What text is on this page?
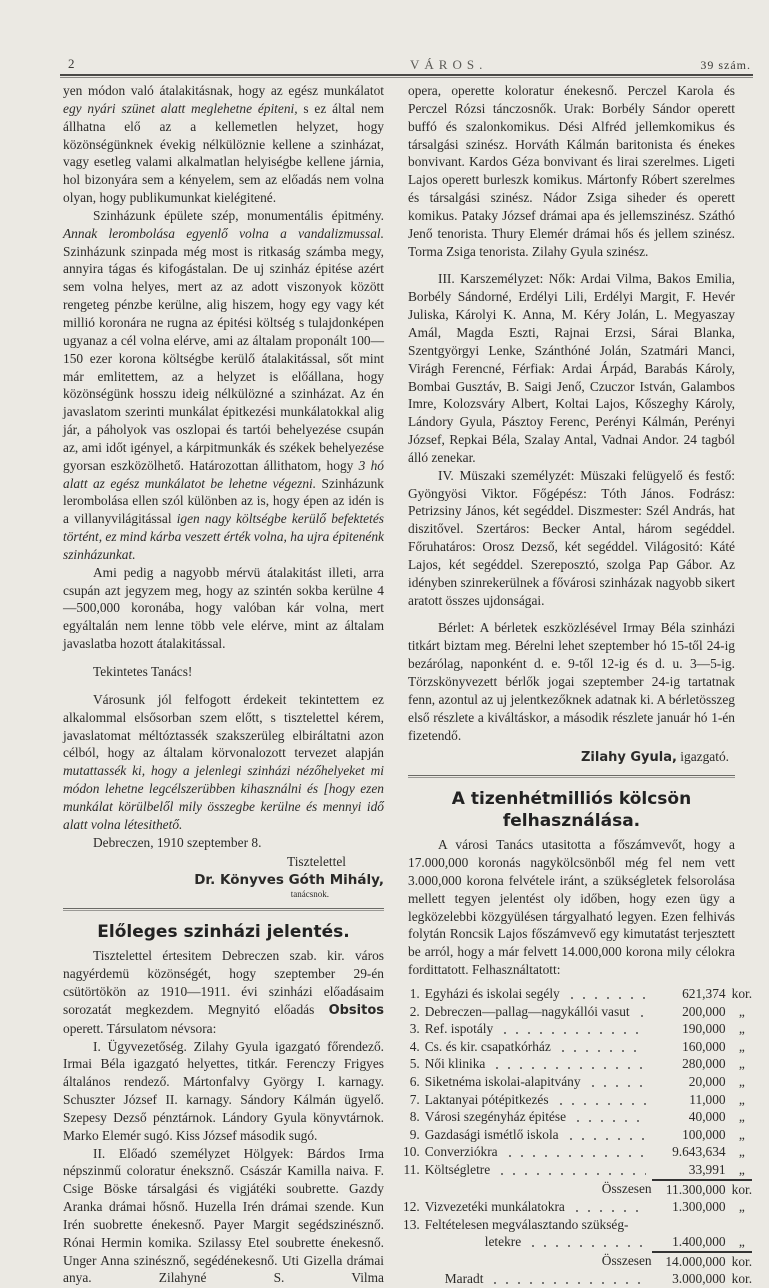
2	VÁROS.	39 szám.

yen módon való átalakitásnak, hogy az egész munkálatot egy nyári szünet alatt meglehetne épiteni, s ez által nem állhatna elő az a kellemetlen helyzet, hogy közönségünknek évekig nélkülöznie kellene a szinházat, vagy esetleg valami alkalmatlan helyiségbe kellene járnia, hol bizonyára sem a kényelem, sem az előadás nem volna olyan, hogy publikumunkat kielégitené.

Szinházunk épülete szép, monumentális épitmény. Annak lerombolása egyenlő volna a vandalizmussal. Szinházunk szinpada még most is ritkaság számba megy, annyira tágas és kifogástalan. De uj szinház épitése azért sem volna helyes, mert az az adott viszonyok között rengeteg pénzbe kerülne, alig hiszem, hogy egy vagy két millió koronára ne rugna az épitési költség s tulajdonképen ugyanaz a cél volna elérve, ami az általam proponált 100—150 ezer korona költségbe kerülő átalakitással, sőt mint már emlitettem, az a helyzet is előállana, hogy közönségünk hosszu ideig nélkülözné a szinházat. Az én javaslatom szerinti munkálat épitkezési munkálatokkal alig jár, a páholyok vas oszlopai és tartói behelyezése csupán az, ami időt igényel, a kárpitmunkák és székek behelyezése gyorsan eszközölhető. Határozottan állithatom, hogy 3 hó alatt az egész munkálatot be lehetne végezni. Szinházunk lerombolása ellen szól különben az is, hogy épen az idén is a villanyvilágitással igen nagy költségbe kerülő befektetés történt, ez mind kárba veszett érték volna, ha ujra épitenénk szinházunkat.

Ami pedig a nagyobb mérvü átalakitást illeti, arra csupán azt jegyzem meg, hogy az szintén sokba kerülne 4—500,000 koronába, hogy valóban kár volna, mert egyáltalán nem lenne több vele elérve, mint az általam javaslatba hozott átalakitással.

Tekintetes Tanács!

Városunk jól felfogott érdekeit tekintettem ez alkalommal elsősorban szem előtt, s tisztelettel kérem, javaslatomat méltóztassék szakszerüleg elbiráltatni azon célból, hogy az általam körvonalozott tervezet alapján mutattassék ki, hogy a jelenlegi szinházi nézőhelyeket mi módon lehetne legcélszerübben kihasználni és [hogy ezen munkálat körülbelől mily összegbe kerülne és mennyi idő alatt volna létesithető.

Debreczen, 1910 szeptember 8.

Tisztelettel
Dr. Könyves Góth Mihály,
tanácsnok.
Előleges szinházi jelentés.

Tisztelettel értesitem Debreczen szab. kir. város nagyérdemü közönségét, hogy szeptember 29-én csütörtökön az 1910—1911. évi szinházi előadásaim sorozatát megkezdem. Megnyitó előadás Obsitos operett. Társulatom névsora:

I. Ügyvezetőség. Zilahy Gyula igazgató főrendező. Irmai Béla igazgató helyettes, titkár. Ferenczy Frigyes általános rendező. Mártonfalvy György I. karnagy. Schuszter József II. karnagy. Sándory Kálmán ügyelő. Szepesy Dezső pénztárnok. Lándory Gyula könyvtárnok. Marko Elemér sugó. Kiss József második sugó.

II. Előadó személyzet Hölgyek: Bárdos Irma népszinmű coloratur éneksznő. Császár Kamilla naiva. F. Csige Böske társalgási és vigjátéki soubrette. Gazdy Aranka drámai hősnő. Huzella Irén drámai szende. Kun Irén suobrette énekesnő. Payer Margit segédszinésznő. Rónai Hermin komika. Szilassy Etel soubrette énekesnő. Unger Anna szinésznő, segédénekesnő. Uti Gizella drámai anya. Zilahyné S. Vilma

opera, operette koloratur énekesnő. Perczel Karola és Perczel Rózsi tánczosnők. Urak: Borbély Sándor operett buffó és szalonkomikus. Dési Alfréd jellemkomikus és társalgási szinész. Horváth Kálmán baritonista és énekes bonvivant. Kardos Géza bonvivant és lirai szerelmes. Ligeti Lajos operett burleszk komikus. Mártonfy Róbert szerelmes és társalgási szinész. Nádor Zsiga siheder és operett komikus. Pataky József drámai apa és jellemszinész. Száthó Jenő tenorista. Thury Elemér drámai hős és jellem szinész. Torma Zsiga tenorista. Zilahy Gyula szinész.

III. Karszemélyzet: Nők: Ardai Vilma, Bakos Emilia, Borbély Sándorné, Erdélyi Lili, Erdélyi Margit, F. Hevér Juliska, Károlyi K. Anna, M. Kéry Jolán, L. Megyaszay Amál, Magda Eszti, Rajnai Erzsi, Sárai Blanka, Szentgyörgyi Lenke, Szánthóné Jolán, Szatmári Manci, Virágh Ferencné, Férfiak: Ardai Árpád, Barabás Károly, Bombai Gusztáv, B. Saigi Jenő, Czuczor István, Galambos Imre, Kolozsváry Albert, Koltai Lajos, Kőszeghy Károly, Lándory Gyula, Pásztoy Ferenc, Perényi Kálmán, Perényi József, Repkai Béla, Szalay Antal, Vadnai Andor. 24 tagból álló zenekar.

IV. Müszaki személyzét: Müszaki felügyelő és festő: Gyöngyösi Viktor. Főgépész: Tóth János. Fodrász: Petrizsiny János, két segéddel. Diszmester: Szél András, hat diszitővel. Szertáros: Becker Antal, három segéddel. Főruhatáros: Orosz Dezső, két segéddel. Világositó: Káté Lajos, két segéddel. Szereposztó, szolga Pap Gábor. Az idényben szinrekerülnek a fővárosi szinházak nagyobb sikert aratott összes ujdonságai.

Bérlet: A bérletek eszközlésével Irmay Béla szinházi titkárt biztam meg. Bérelni lehet szeptember hó 15-től 24-ig bezárólag, naponként d. e. 9-től 12-ig és d. u. 3—5-ig. Törzskönyvezett bérlők jogai szeptember 24-ig tartatnak fenn, azontul az uj jelentkezőknek adatnak ki. A bérletösszeg első részlete a kiváltáskor, a második részlete január hó 1-én fizetendő.

Zilahy Gyula, igazgató.
A tizenhétmilliós kölcsön felhasználása.

A városi Tanács utasitotta a főszámvevőt, hogy a 17.000,000 koronás nagykölcsönből még fel nem vett 3.000,000 korona felvétele iránt, a szükségletek felsorolása mellett tegyen jelentést oly időben, hogy ezen ügy a legközelebbi közgyülésen tárgyalható legyen. Ezen felhivás folytán Roncsik Lajos főszámvevő egy kimutatást terjesztett be arról, hogy a már felvett 14.000,000 korona mily célokra fordittatott. Felhasználtatott:

1.	Egyházi és iskolai segély	621,374	kor.
2.	Debreczen—pallag—nagykállói vasut	200,000	„
3.	Ref. ispotály	190,000	„
4.	Cs. és kir. csapatkórház	160,000	„
5.	Női klinika	280,000	„
6.	Siketnéma iskolai-alapitvány	20,000	„
7.	Laktanyai pótépitkezés	11,000	„
8.	Városi szegényház épitése	40,000	„
9.	Gazdasági ismétlő iskola	100,000	„
10.	Converziókra	9.643,634	„
11.	Költségletre	33,991	„
Összesen		11.300,000	kor.
12.	Vizvezetéki munkálatokra	1.300,000	„
13.	Feltételesen megválasztando szükség-		

	letekre	1.400,000	„
Összesen		14.000,000	kor.

	Maradt	3.000,000	kor.
